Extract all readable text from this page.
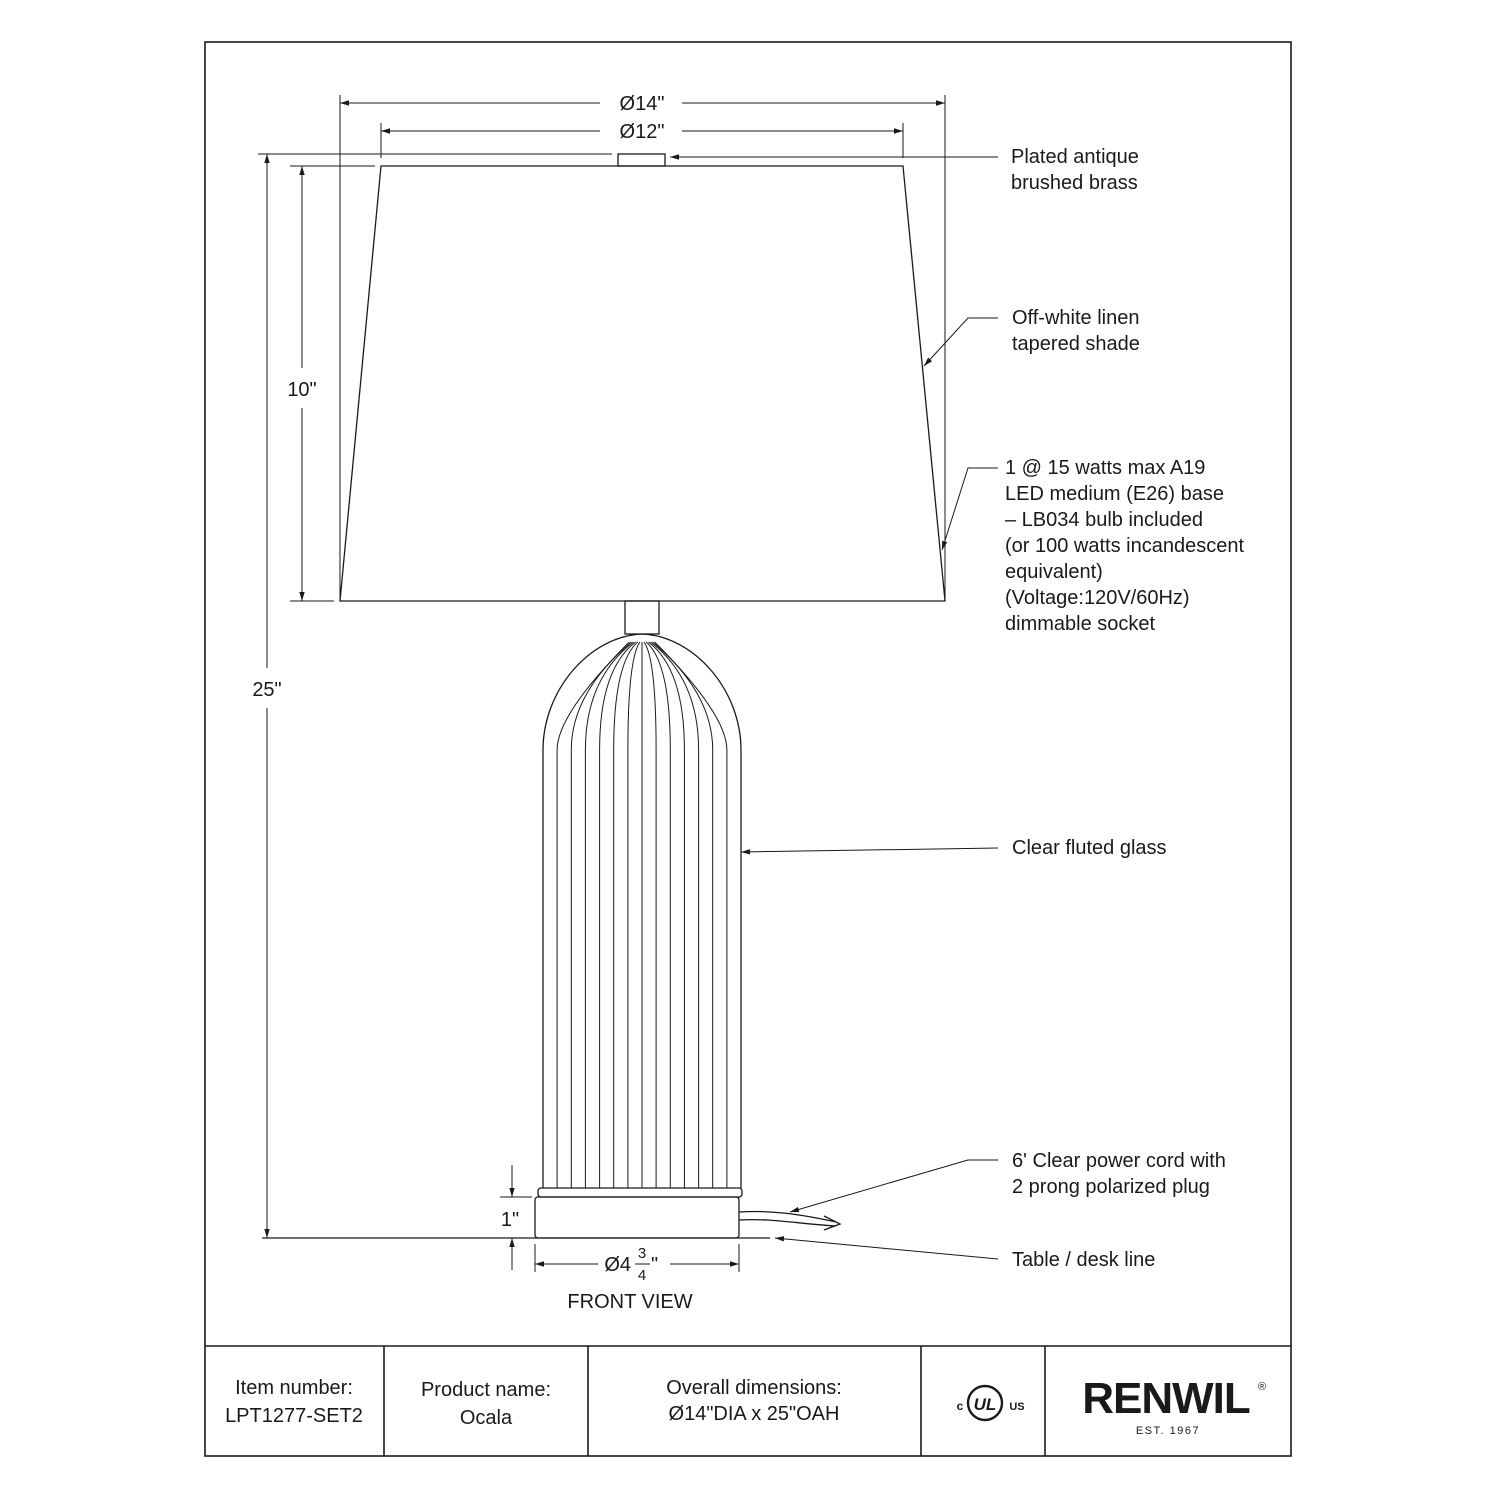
Ø14"
Ø12"
10"
25"
1"
Ø4
3
4 "
FRONT VIEW
Plated antique brushed brass
Off-white linen tapered shade
1 @ 15 watts max A19 LED medium (E26) base – LB034 bulb included (or 100 watts incandescent equivalent) (Voltage:120V/60Hz) dimmable socket
Clear fluted glass
6' Clear power cord with 2 prong polarized plug
Table / desk line
Item number:
LPT1277-SET2
Product name:
Ocala
Overall dimensions:
Ø14"DIA x 25"OAH	c UL US RENWIL ®
EST. 1967
